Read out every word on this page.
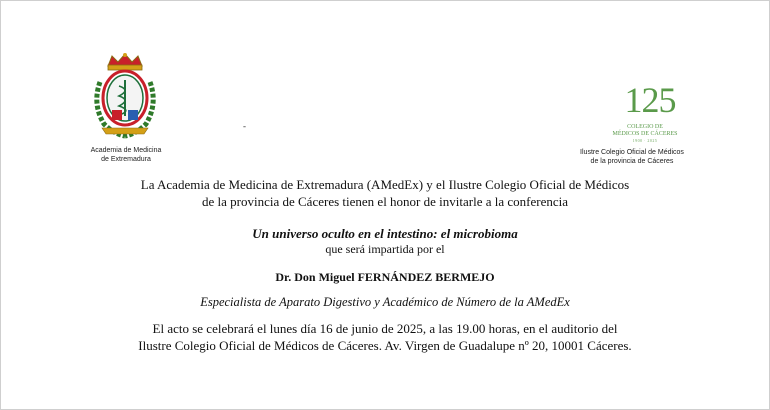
Academia de Medicina
de Extremadura
-
125
COLEGIO DE
MÉDICOS DE CÁCERES
1900 · 2025
Ilustre Colegio Oficial de Médicos
de la provincia de Cáceres
La Academia de Medicina de Extremadura (AMedEx) y el Ilustre Colegio Oficial de Médicos
de la provincia de Cáceres tienen el honor de invitarle a la conferencia
Un universo oculto en el intestino: el microbioma
que será impartida por el
Dr. Don Miguel FERNÁNDEZ BERMEJO
Especialista de Aparato Digestivo y Académico de Número de la AMedEx
El acto se celebrará el lunes día 16 de junio de 2025, a las 19.00 horas, en el auditorio del
Ilustre Colegio Oficial de Médicos de Cáceres. Av. Virgen de Guadalupe nº 20, 10001 Cáceres.
